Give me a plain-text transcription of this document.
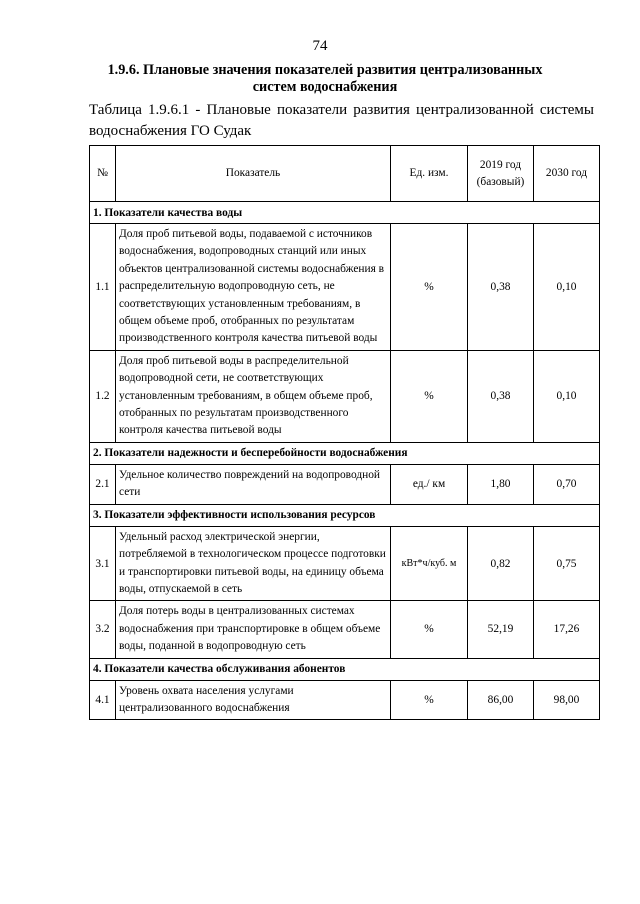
74
1.9.6. Плановые значения показателей развития централизованных систем водоснабжения
Таблица 1.9.6.1 - Плановые показатели развития централизованной системы водоснабжения ГО Судак
№	Показатель	Ед. изм.	2019 год (базовый)	2030 год
1. Показатели качества воды				
1.1	Доля проб питьевой воды, подаваемой с источников водоснабжения, водопроводных станций или иных объектов централизованной системы водоснабжения в распределительную водопроводную сеть, не соответствующих установленным требованиям, в общем объеме проб, отобранных по результатам производственного контроля качества питьевой воды	%	0,38	0,10
1.2	Доля проб питьевой воды в распределительной водопроводной сети, не соответствующих установленным требованиям, в общем объеме проб, отобранных по результатам производственного контроля качества питьевой воды	%	0,38	0,10
2. Показатели надежности и бесперебойности водоснабжения				
2.1	Удельное количество повреждений на водопроводной сети	ед./ км	1,80	0,70
3. Показатели эффективности использования ресурсов				
3.1	Удельный расход электрической энергии, потребляемой в технологическом процессе подготовки и транспортировки питьевой воды, на единицу объема воды, отпускаемой в сеть	кВт*ч/куб. м	0,82	0,75
3.2	Доля потерь воды в централизованных системах водоснабжения при транспортировке в общем объеме воды, поданной в водопроводную сеть	%	52,19	17,26
4. Показатели качества обслуживания абонентов				
4.1	Уровень охвата населения услугами централизованного водоснабжения	%	86,00	98,00
